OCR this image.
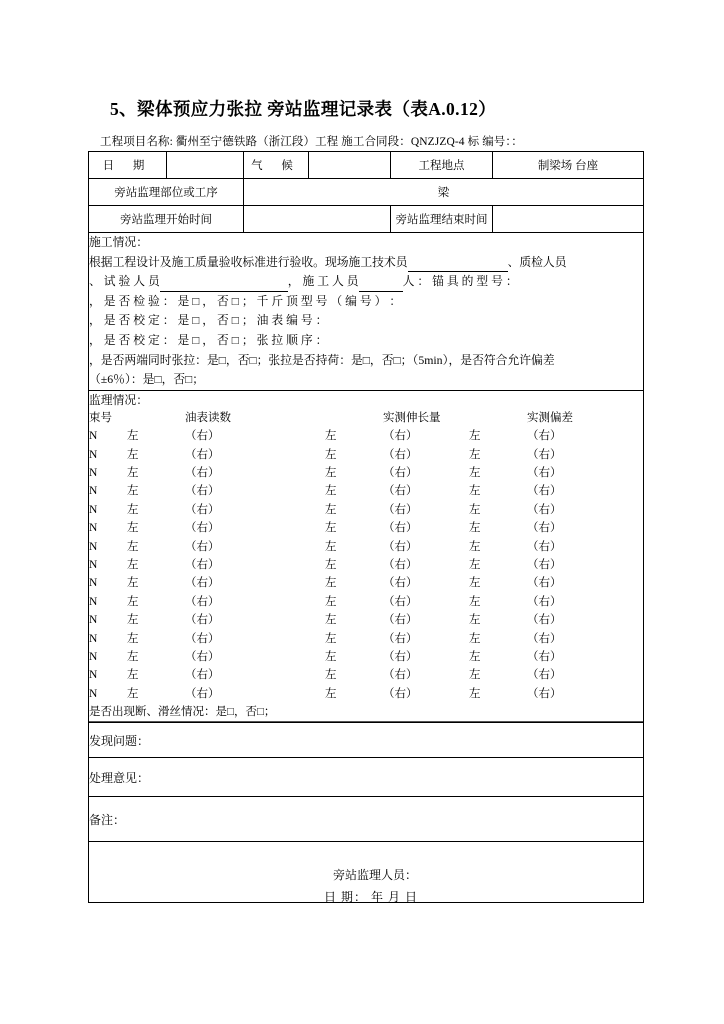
5、梁体预应力张拉 旁站监理记录表（表A.0.12）
工程项目名称: 衢州至宁德铁路（浙江段）工程 施工合同段：QNZJZQ-4 标 编号：：
日 期		气 候		工程地点	制梁场 台座
旁站监理部位或工序	梁
旁站监理开始时间		旁站监理结束时间	

施工情况：
根据工程设计及施工质量验收标准进行验收。现场施工技术员	、质检人员
、 试 验 人 员	， 施 工 人 员	人 ： 锚 具 的 型 号 ：
， 是 否 检 验 ： 是 □ ， 否 □ ； 千 斤 顶 型 号 （ 编 号 ） ：
， 是 否 校 定 ： 是 □ ， 否 □ ； 油 表 编 号 ：
， 是 否 校 定 ： 是 □ ， 否 □ ； 张 拉 顺 序 ：
，是否两端同时张拉：是□，否□；张拉是否持荷：是□，否□；（5min），是否符合允许偏差
（±6％）：是□，否□；

监理情况：
束号		油表读数		实测伸长量		实测偏差
N	左	（右）	左	（右）	左	（右）
N	左	（右）	左	（右）	左	（右）
N	左	（右）	左	（右）	左	（右）
N	左	（右）	左	（右）	左	（右）
N	左	（右）	左	（右）	左	（右）
N	左	（右）	左	（右）	左	（右）
N	左	（右）	左	（右）	左	（右）
N	左	（右）	左	（右）	左	（右）
N	左	（右）	左	（右）	左	（右）
N	左	（右）	左	（右）	左	（右）
N	左	（右）	左	（右）	左	（右）
N	左	（右）	左	（右）	左	（右）
N	左	（右）	左	（右）	左	（右）
N	左	（右）	左	（右）	左	（右）
N	左	（右）	左	（右）	左	（右）
是否出现断、滑丝情况：是□，否□；

发现问题：
处理意见：
备注：

旁站监理人员：
日 期： 年 月 日
